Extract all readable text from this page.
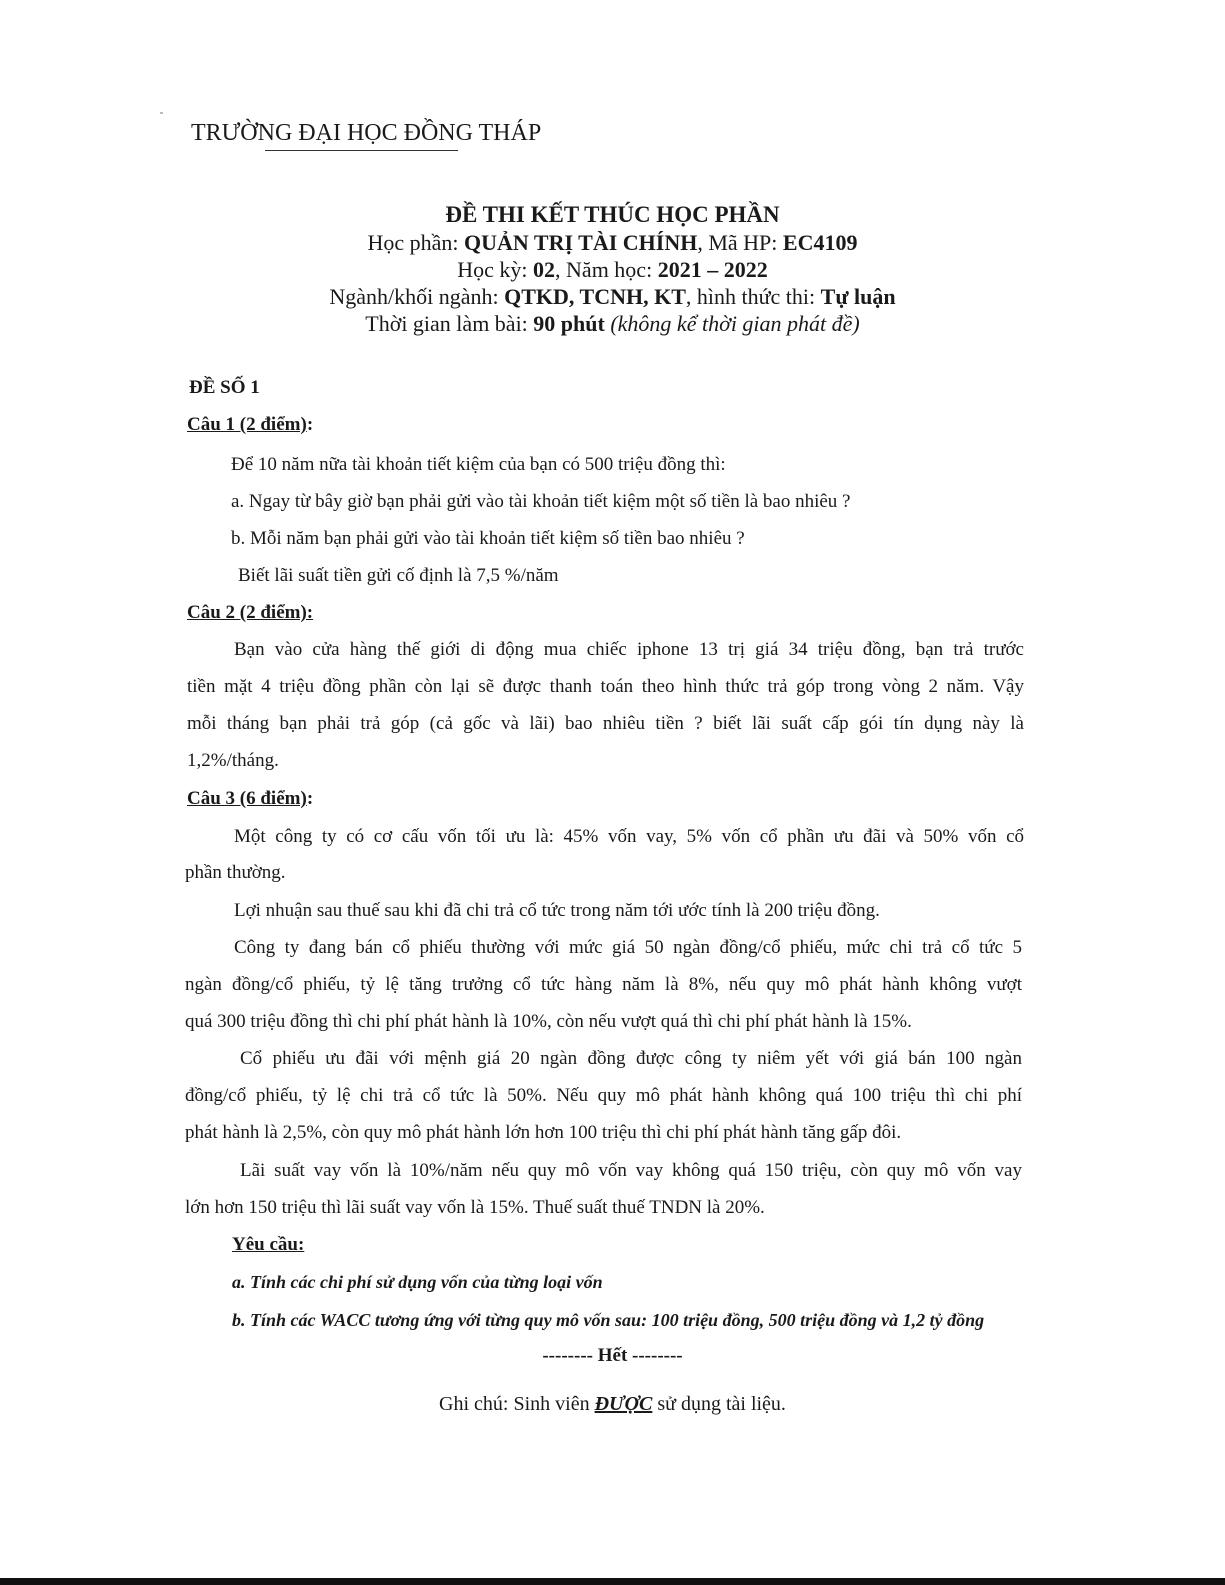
TRƯỜNG ĐẠI HỌC ĐỒNG THÁP
ĐỀ THI KẾT THÚC HỌC PHẦN
Học phần: QUẢN TRỊ TÀI CHÍNH, Mã HP: EC4109
Học kỳ: 02, Năm học: 2021 – 2022
Ngành/khối ngành: QTKD, TCNH, KT, hình thức thi: Tự luận
Thời gian làm bài: 90 phút (không kể thời gian phát đề)
ĐỀ SỐ 1
Câu 1 (2 điểm):
Để 10 năm nữa tài khoản tiết kiệm của bạn có 500 triệu đồng thì:
a. Ngay từ bây giờ bạn phải gửi vào tài khoản tiết kiệm một số tiền là bao nhiêu ?
b. Mỗi năm bạn phải gửi vào tài khoản tiết kiệm số tiền bao nhiêu ?
Biết lãi suất tiền gửi cố định là 7,5 %/năm
Câu 2 (2 điểm):
Bạn vào cửa hàng thế giới di động mua chiếc iphone 13 trị giá 34 triệu đồng, bạn trả trước
tiền mặt 4 triệu đồng phần còn lại sẽ được thanh toán theo hình thức trả góp trong vòng 2 năm. Vậy
mỗi tháng bạn phải trả góp (cả gốc và lãi) bao nhiêu tiền ? biết lãi suất cấp gói tín dụng này là
1,2%/tháng.
Câu 3 (6 điểm):
Một công ty có cơ cấu vốn tối ưu là: 45% vốn vay, 5% vốn cổ phần ưu đãi và 50% vốn cổ
phần thường.
Lợi nhuận sau thuế sau khi đã chi trả cổ tức trong năm tới ước tính là 200 triệu đồng.
Công ty đang bán cổ phiếu thường với mức giá 50 ngàn đồng/cổ phiếu, mức chi trả cổ tức 5
ngàn đồng/cổ phiếu, tỷ lệ tăng trưởng cổ tức hàng năm là 8%, nếu quy mô phát hành không vượt
quá 300 triệu đồng thì chi phí phát hành là 10%, còn nếu vượt quá thì chi phí phát hành là 15%.
Cổ phiếu ưu đãi với mệnh giá 20 ngàn đồng được công ty niêm yết với giá bán 100 ngàn
đồng/cổ phiếu, tỷ lệ chi trả cổ tức là 50%. Nếu quy mô phát hành không quá 100 triệu thì chi phí
phát hành là 2,5%, còn quy mô phát hành lớn hơn 100 triệu thì chi phí phát hành tăng gấp đôi.
Lãi suất vay vốn là 10%/năm nếu quy mô vốn vay không quá 150 triệu, còn quy mô vốn vay
lớn hơn 150 triệu thì lãi suất vay vốn là 15%. Thuế suất thuế TNDN là 20%.
Yêu cầu:
a. Tính các chi phí sử dụng vốn của từng loại vốn
b. Tính các WACC tương ứng với từng quy mô vốn sau: 100 triệu đồng, 500 triệu đồng và 1,2 tỷ đồng
-------- Hết --------
Ghi chú: Sinh viên ĐƯỢC sử dụng tài liệu.
